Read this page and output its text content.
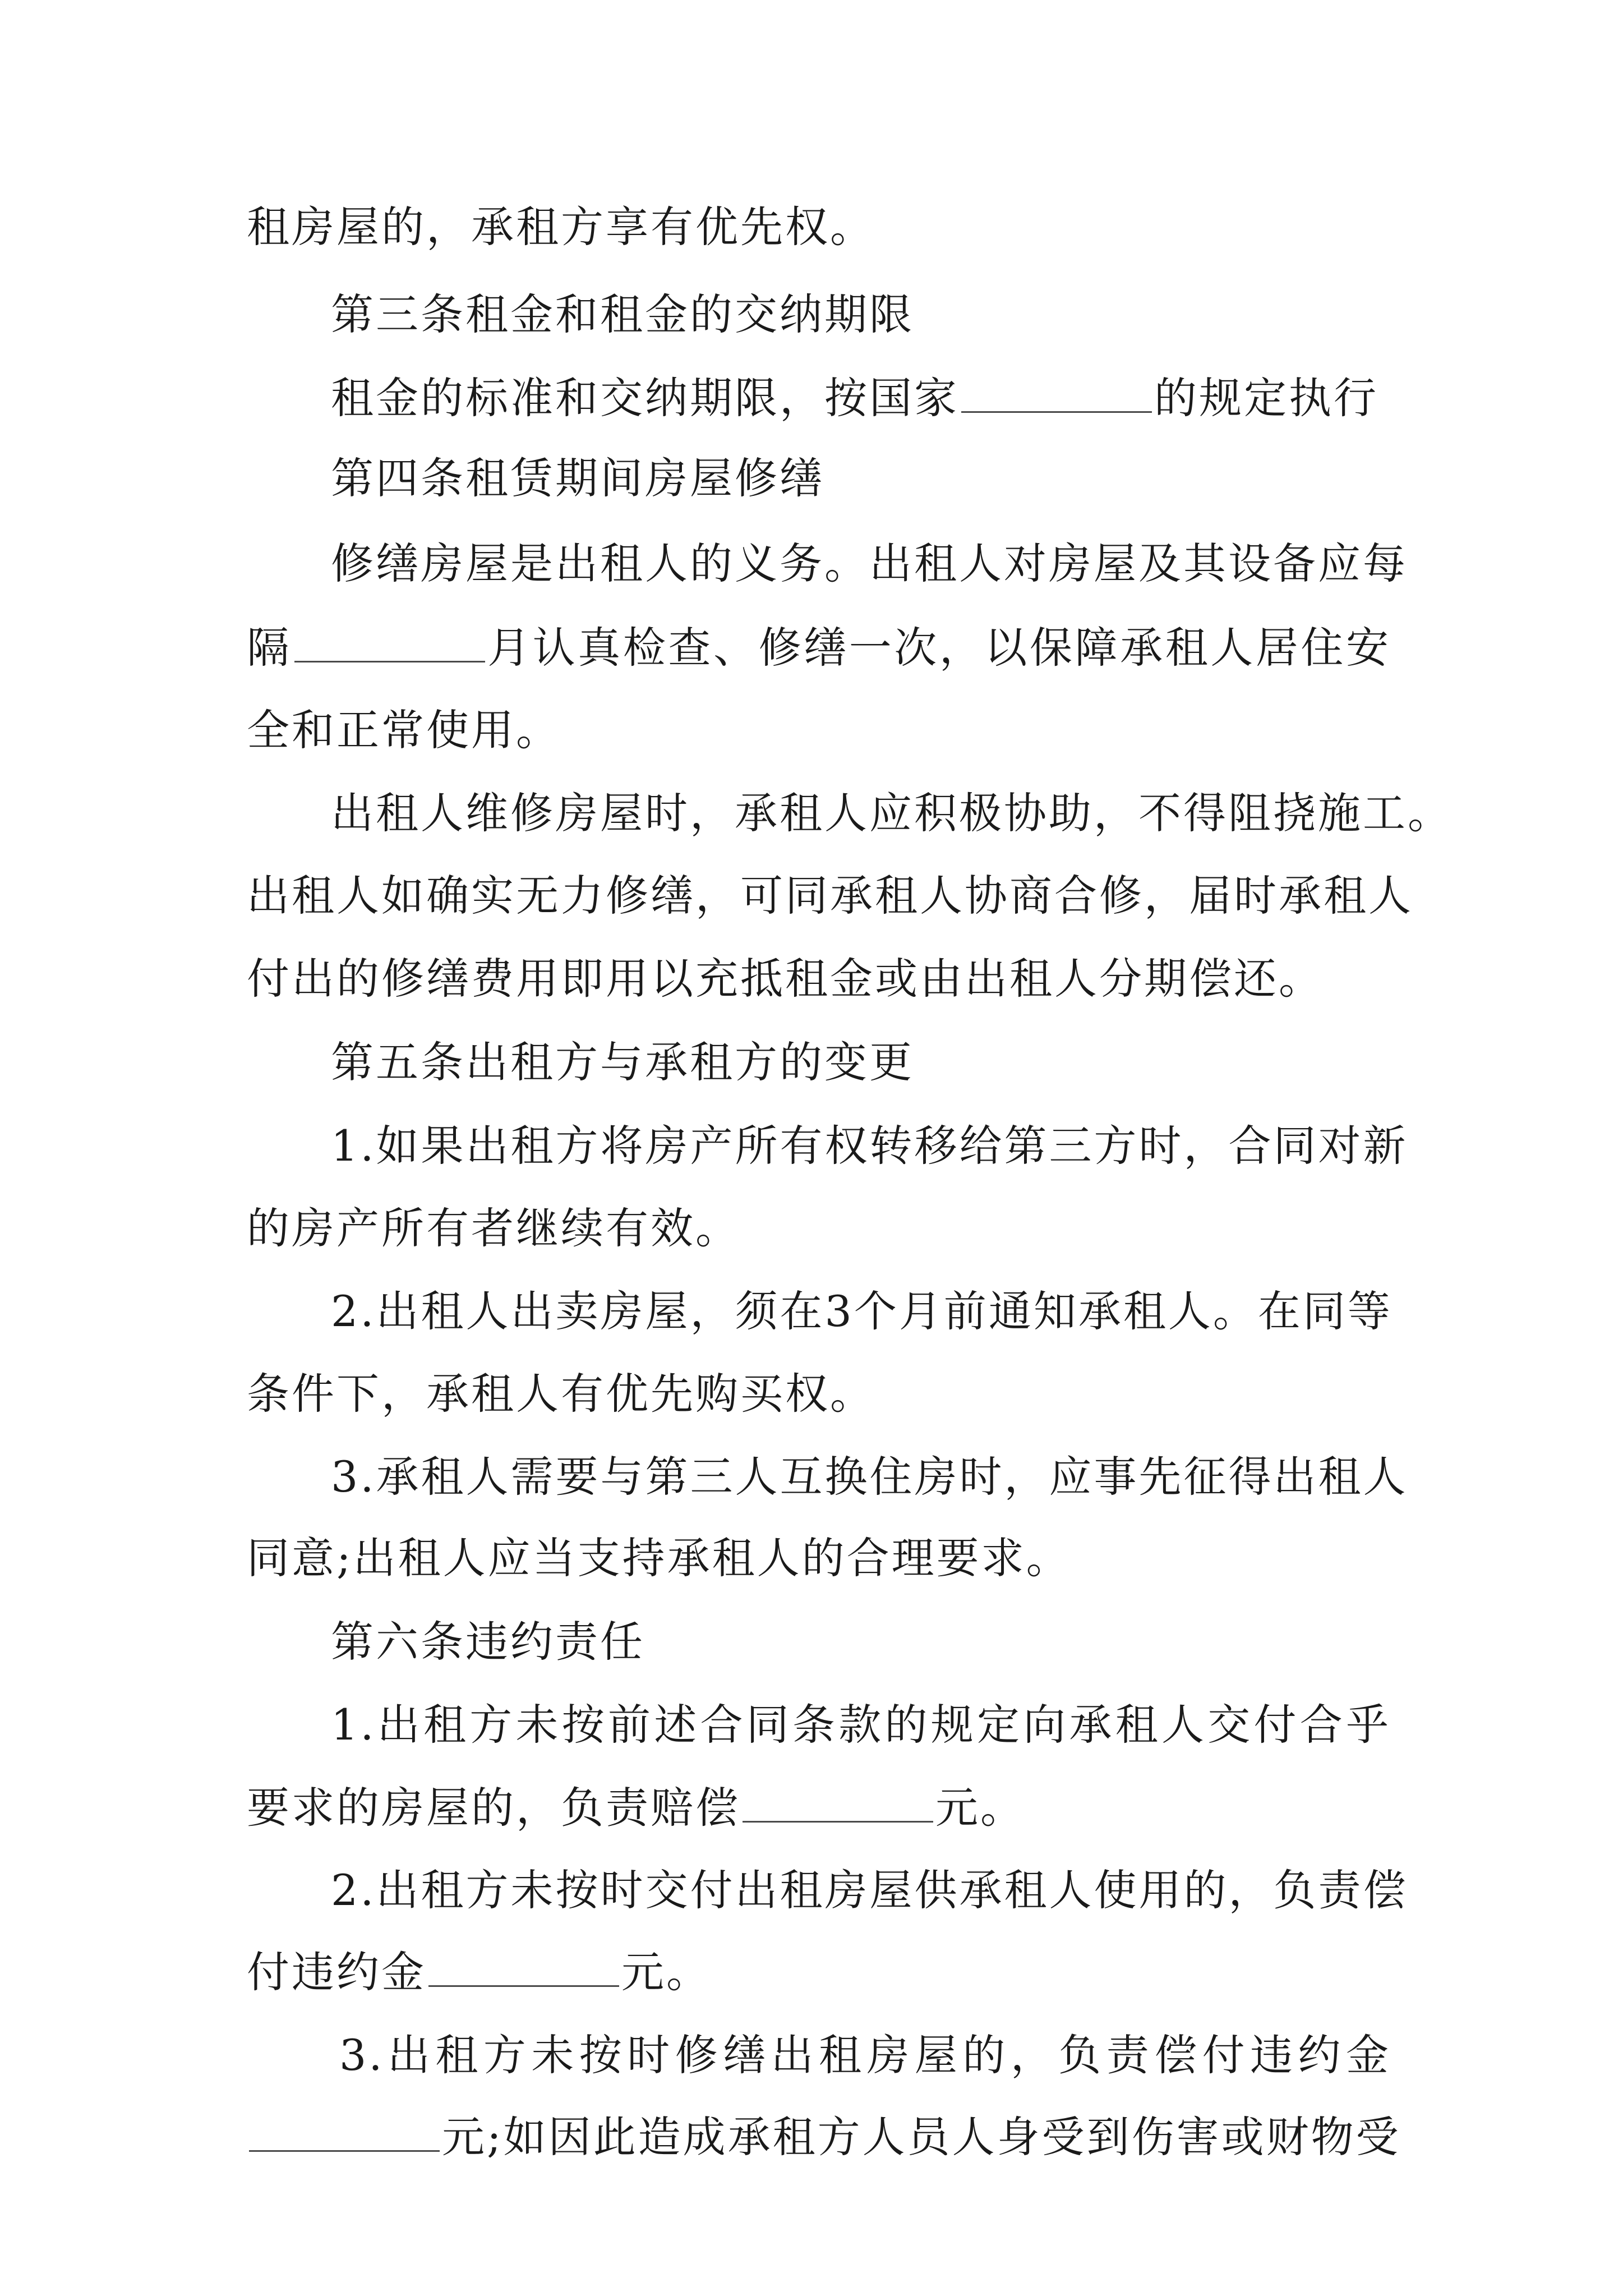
租房屋的，承租方享有优先权。
第三条租金和租金的交纳期限
租金的标准和交纳期限，按国家	的规定执行
第四条租赁期间房屋修缮
修缮房屋是出租人的义务。出租人对房屋及其设备应每
隔	月认真检查、修缮一次，以保障承租人居住安
全和正常使用。
出租人维修房屋时，承租人应积极协助，不得阻挠施工。
出租人如确实无力修缮，可同承租人协商合修，届时承租人
付出的修缮费用即用以充抵租金或由出租人分期偿还。
第五条出租方与承租方的变更
1.如果出租方将房产所有权转移给第三方时，合同对新
的房产所有者继续有效。
2.出租人出卖房屋，须在3个月前通知承租人。在同等
条件下，承租人有优先购买权。
3.承租人需要与第三人互换住房时，应事先征得出租人
同意;出租人应当支持承租人的合理要求。
第六条违约责任
1.出租方未按前述合同条款的规定向承租人交付合乎
要求的房屋的，负责赔偿	元。
2.出租方未按时交付出租房屋供承租人使用的，负责偿
付违约金	元。
3.出租方未按时修缮出租房屋的，负责偿付违约金
元;如因此造成承租方人员人身受到伤害或财物受
